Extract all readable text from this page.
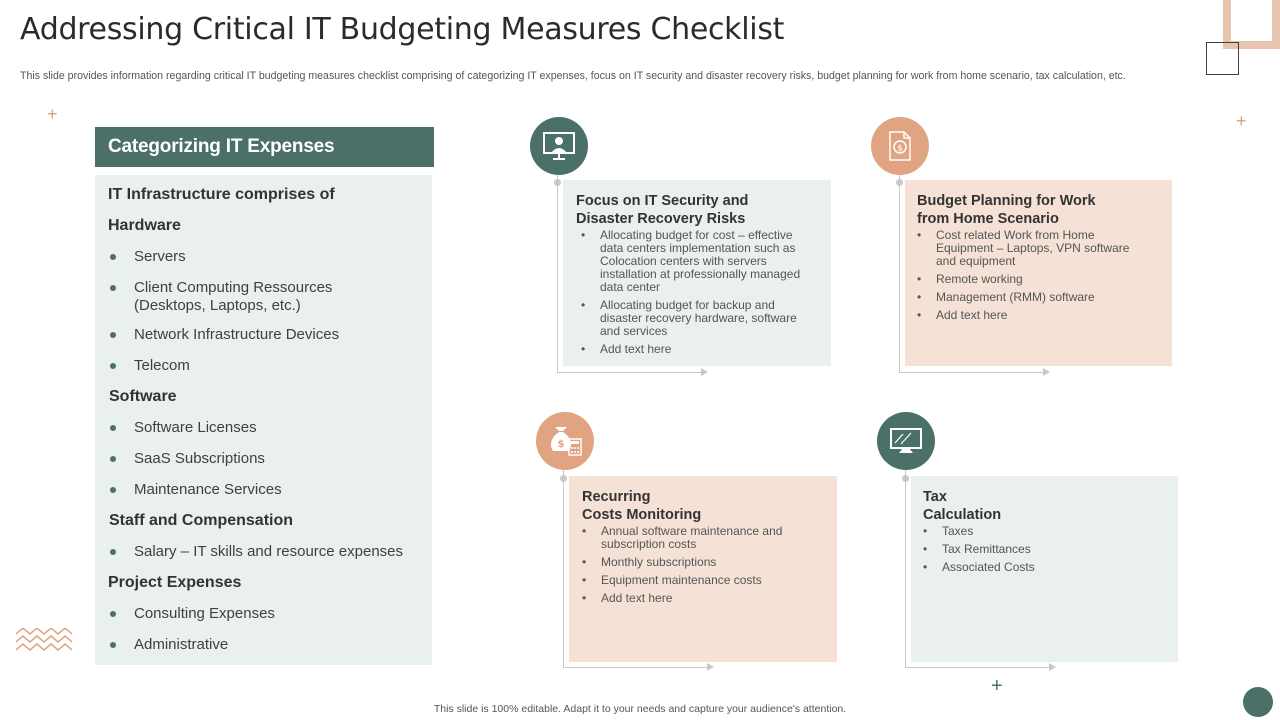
Addressing Critical IT Budgeting Measures Checklist
This slide provides information regarding critical IT budgeting measures checklist comprising of categorizing IT expenses, focus on IT security and disaster recovery risks, budget planning for work from home scenario, tax calculation, etc.
+	+
+
Categorizing IT Expenses
IT Infrastructure comprises of
Hardware
Servers
Client Computing Ressources
(Desktops, Laptops, etc.)
Network Infrastructure Devices
Telecom
Software
Software Licenses
SaaS Subscriptions
Maintenance Services
Staff and Compensation
Salary – IT skills and resource expenses
Project Expenses
Consulting Expenses
Administrative
Focus on IT Security and
Disaster Recovery Risks
• Allocating budget for cost – effective
data centers implementation such as
Colocation centers with servers
installation at professionally managed
data center
• Allocating budget for backup and
disaster recovery hardware, software
and services
• Add text here
$
Budget Planning for Work
from Home Scenario
• Cost related Work from Home
Equipment – Laptops, VPN software
and equipment
• Remote working
• Management (RMM) software
• Add text here
$
Recurring
Costs Monitoring
• Annual software maintenance and
subscription costs
• Monthly subscriptions
• Equipment maintenance costs
• Add text here
Tax
Calculation
• Taxes
• Tax Remittances
• Associated Costs
This slide is 100% editable. Adapt it to your needs and capture your audience's attention.
